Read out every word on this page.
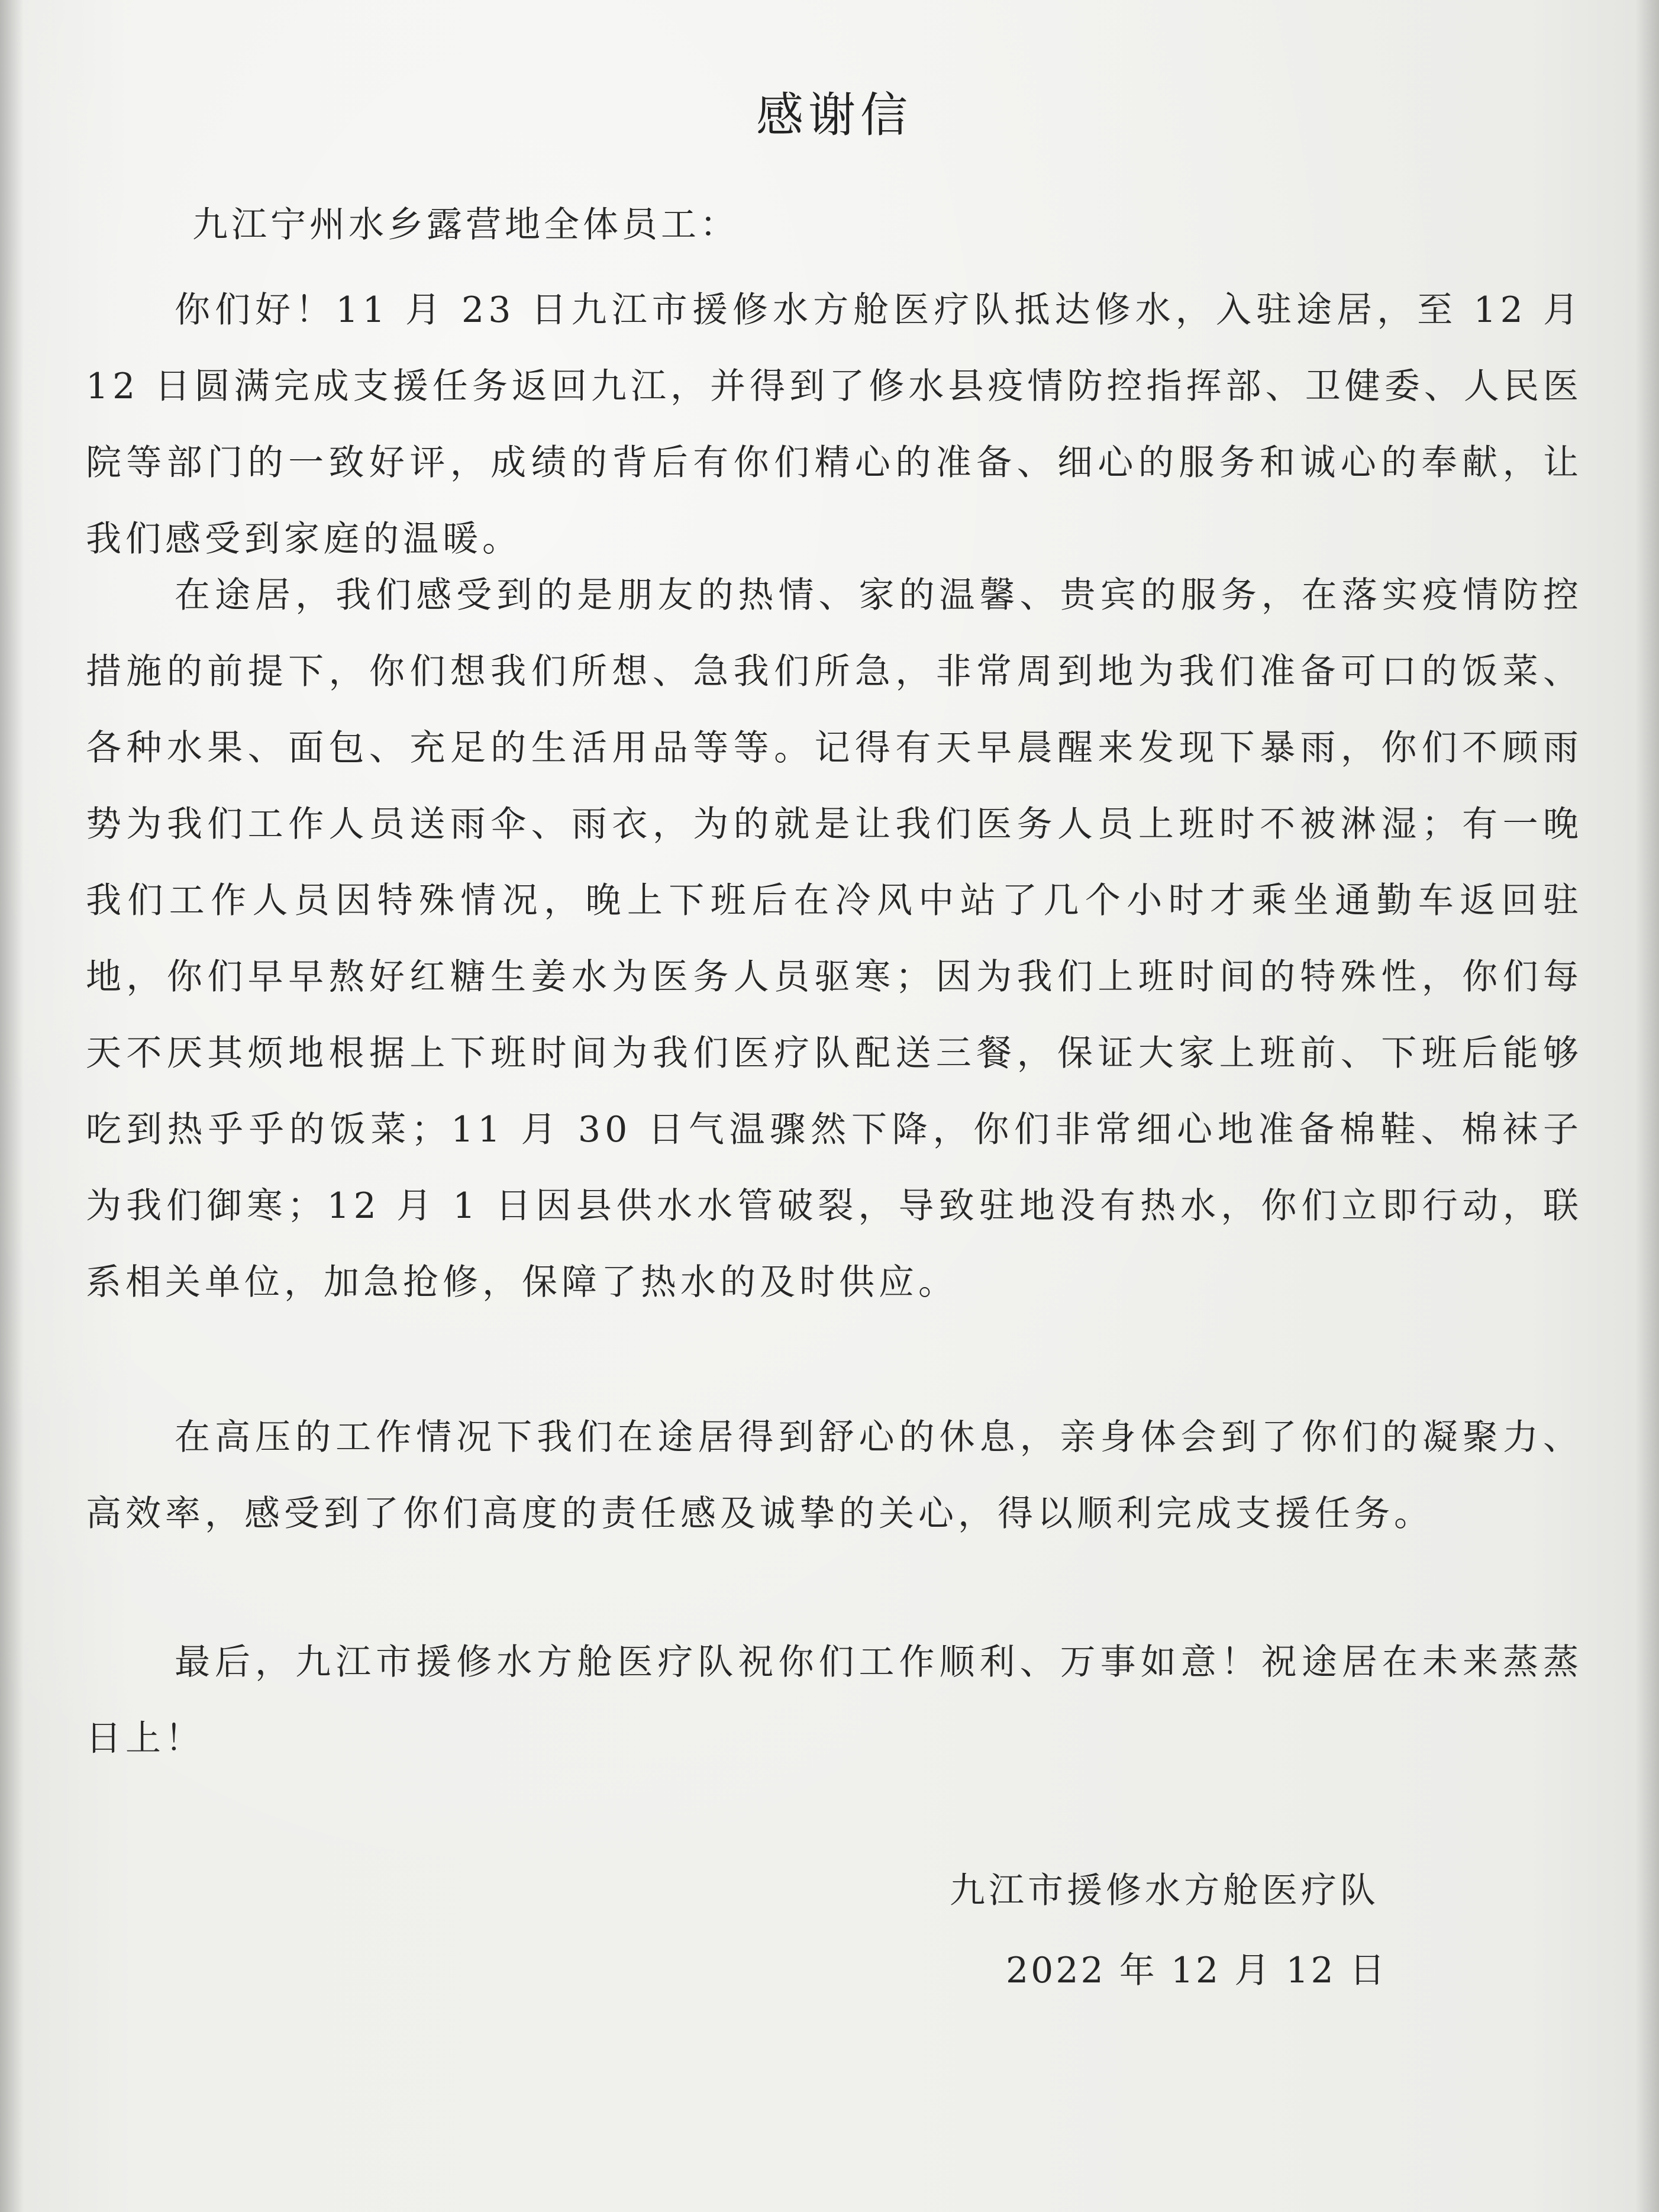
感谢信
九江宁州水乡露营地全体员工：

你们好！11 月 23 日九江市援修水方舱医疗队抵达修水，入驻途居，至 12 月 12 日圆满完成支援任务返回九江，并得到了修水县疫情防控指挥部、卫健委、人民医院等部门的一致好评，成绩的背后有你们精心的准备、细心的服务和诚心的奉献，让我们感受到家庭的温暖。

在途居，我们感受到的是朋友的热情、家的温馨、贵宾的服务，在落实疫情防控措施的前提下，你们想我们所想、急我们所急，非常周到地为我们准备可口的饭菜、各种水果、面包、充足的生活用品等等。记得有天早晨醒来发现下暴雨，你们不顾雨势为我们工作人员送雨伞、雨衣，为的就是让我们医务人员上班时不被淋湿；有一晚我们工作人员因特殊情况，晚上下班后在冷风中站了几个小时才乘坐通勤车返回驻地，你们早早熬好红糖生姜水为医务人员驱寒；因为我们上班时间的特殊性，你们每天不厌其烦地根据上下班时间为我们医疗队配送三餐，保证大家上班前、下班后能够吃到热乎乎的饭菜；11 月 30 日气温骤然下降，你们非常细心地准备棉鞋、棉袜子为我们御寒；12 月 1 日因县供水水管破裂，导致驻地没有热水，你们立即行动，联系相关单位，加急抢修，保障了热水的及时供应。

在高压的工作情况下我们在途居得到舒心的休息，亲身体会到了你们的凝聚力、高效率，感受到了你们高度的责任感及诚挚的关心，得以顺利完成支援任务。

最后，九江市援修水方舱医疗队祝你们工作顺利、万事如意！祝途居在未来蒸蒸日上！

九江市援修水方舱医疗队
2022 年 12 月 12 日
